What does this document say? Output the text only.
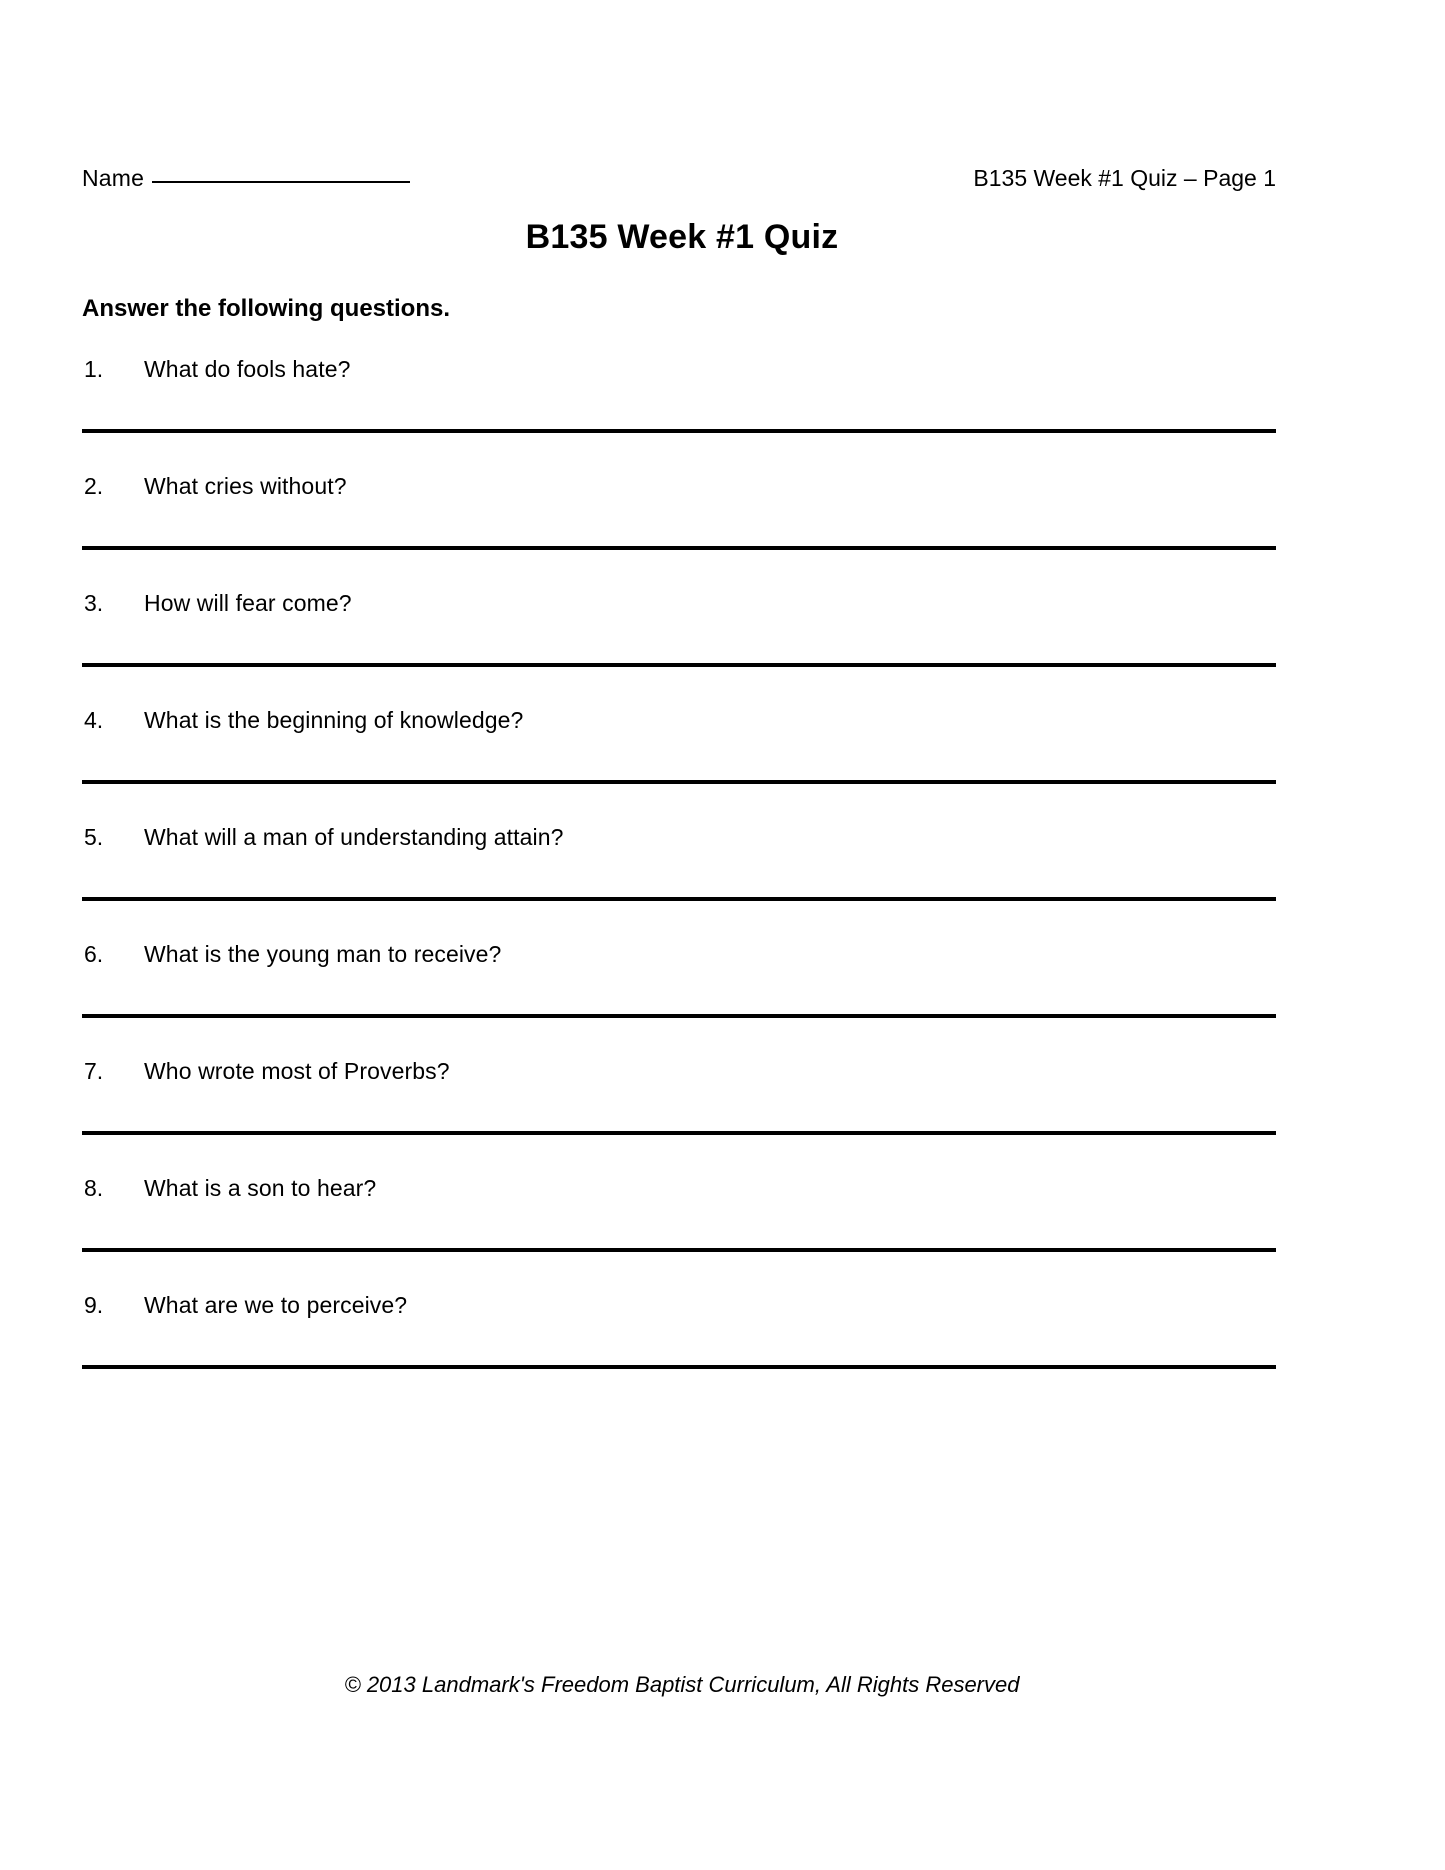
Name	B135 Week #1 Quiz – Page 1
B135 Week #1 Quiz
Answer the following questions.
1. What do fools hate?
2. What cries without?
3. How will fear come?
4. What is the beginning of knowledge?
5. What will a man of understanding attain?
6. What is the young man to receive?
7. Who wrote most of Proverbs?
8. What is a son to hear?
9. What are we to perceive?
© 2013 Landmark's Freedom Baptist Curriculum, All Rights Reserved
